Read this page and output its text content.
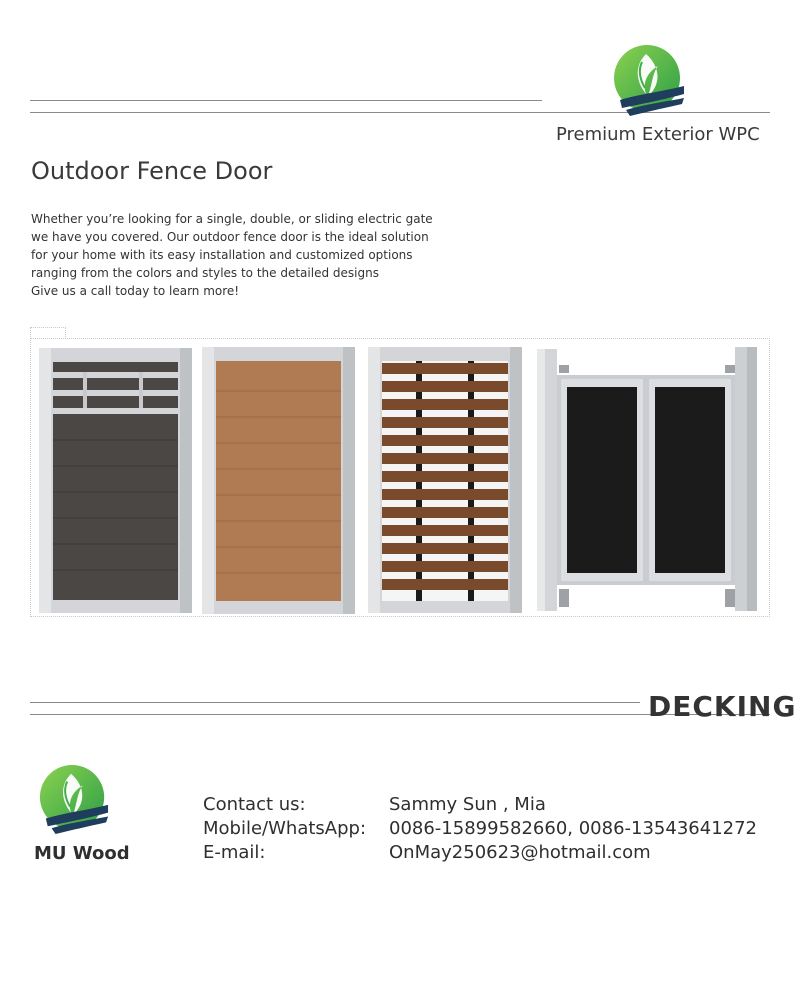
Premium Exterior WPC
Outdoor Fence Door
Whether you’re looking for a single, double, or sliding electric gate
we have you covered. Our outdoor fence door is the ideal solution
for your home with its easy installation and customized options
ranging from the colors and styles to the detailed designs
Give us a call today to learn more!
DECKING
MU Wood
Contact us:	Sammy Sun , Mia
Mobile/WhatsApp: 0086-15899582660, 0086-13543641272
E-mail:	OnMay250623@hotmail.com
